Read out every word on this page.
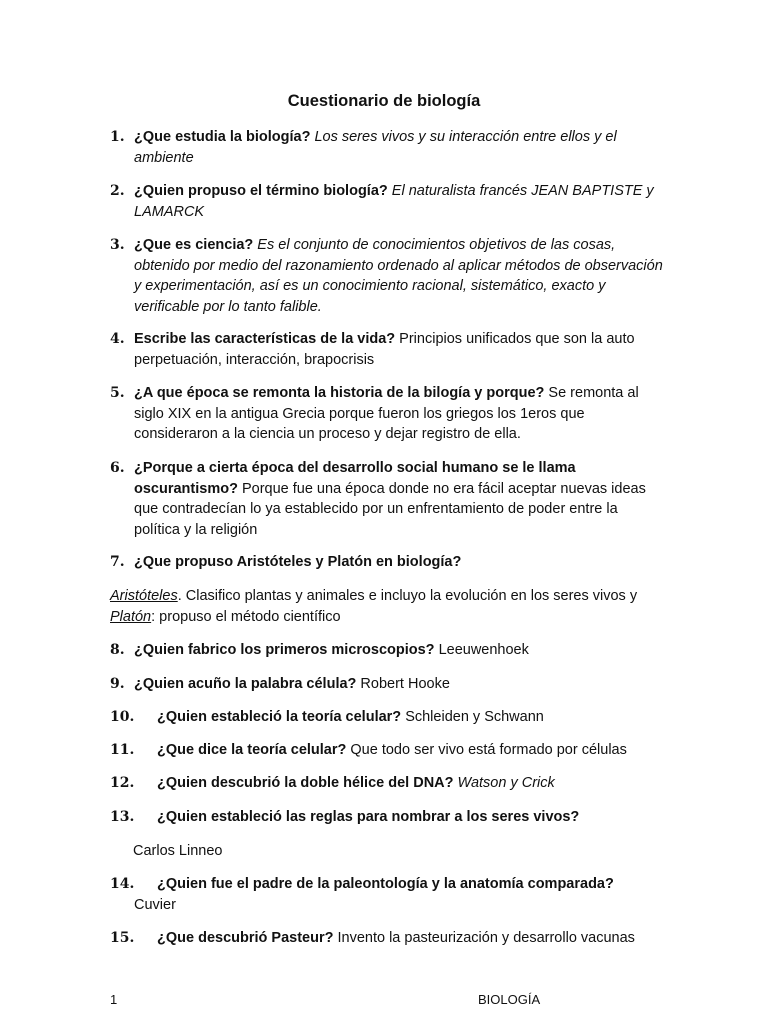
Cuestionario de biología
1. ¿Que estudia la biología? Los seres vivos y su interacción entre ellos y el ambiente
2. ¿Quien propuso el término biología? El naturalista francés JEAN BAPTISTE y LAMARCK
3. ¿Que es ciencia? Es el conjunto de conocimientos objetivos de las cosas, obtenido por medio del razonamiento ordenado al aplicar métodos de observación y experimentación, así es un conocimiento racional, sistemático, exacto y verificable por lo tanto falible.
4. Escribe las características de la vida? Principios unificados que son la auto perpetuación, interacción, brapocrisis
5. ¿A que época se remonta la historia de la bilogía y porque? Se remonta al siglo XIX en la antigua Grecia porque fueron los griegos los 1eros que consideraron a la ciencia un proceso y dejar registro de ella.
6. ¿Porque a cierta época del desarrollo social humano se le llama oscurantismo? Porque fue una época donde no era fácil aceptar nuevas ideas que contradecían lo ya establecido por un enfrentamiento de poder entre la política y la religión
7. ¿Que propuso Aristóteles y Platón en biología?
Aristóteles. Clasifico plantas y animales e incluyo la evolución en los seres vivos y Platón: propuso el método científico
8. ¿Quien fabrico los primeros microscopios? Leeuwenhoek
9. ¿Quien acuño la palabra célula? Robert Hooke
10.	¿Quien estableció la teoría celular? Schleiden y Schwann
11.	¿Que dice la teoría celular? Que todo ser vivo está formado por células
12.	¿Quien descubrió la doble hélice del DNA? Watson y Crick
13.	¿Quien estableció las reglas para nombrar a los seres vivos?
Carlos Linneo
14.	¿Quien fue el padre de la paleontología y la anatomía comparada?
Cuvier
15.	¿Que descubrió Pasteur? Invento la pasteurización y desarrollo vacunas
1	BIOLOGÍA
